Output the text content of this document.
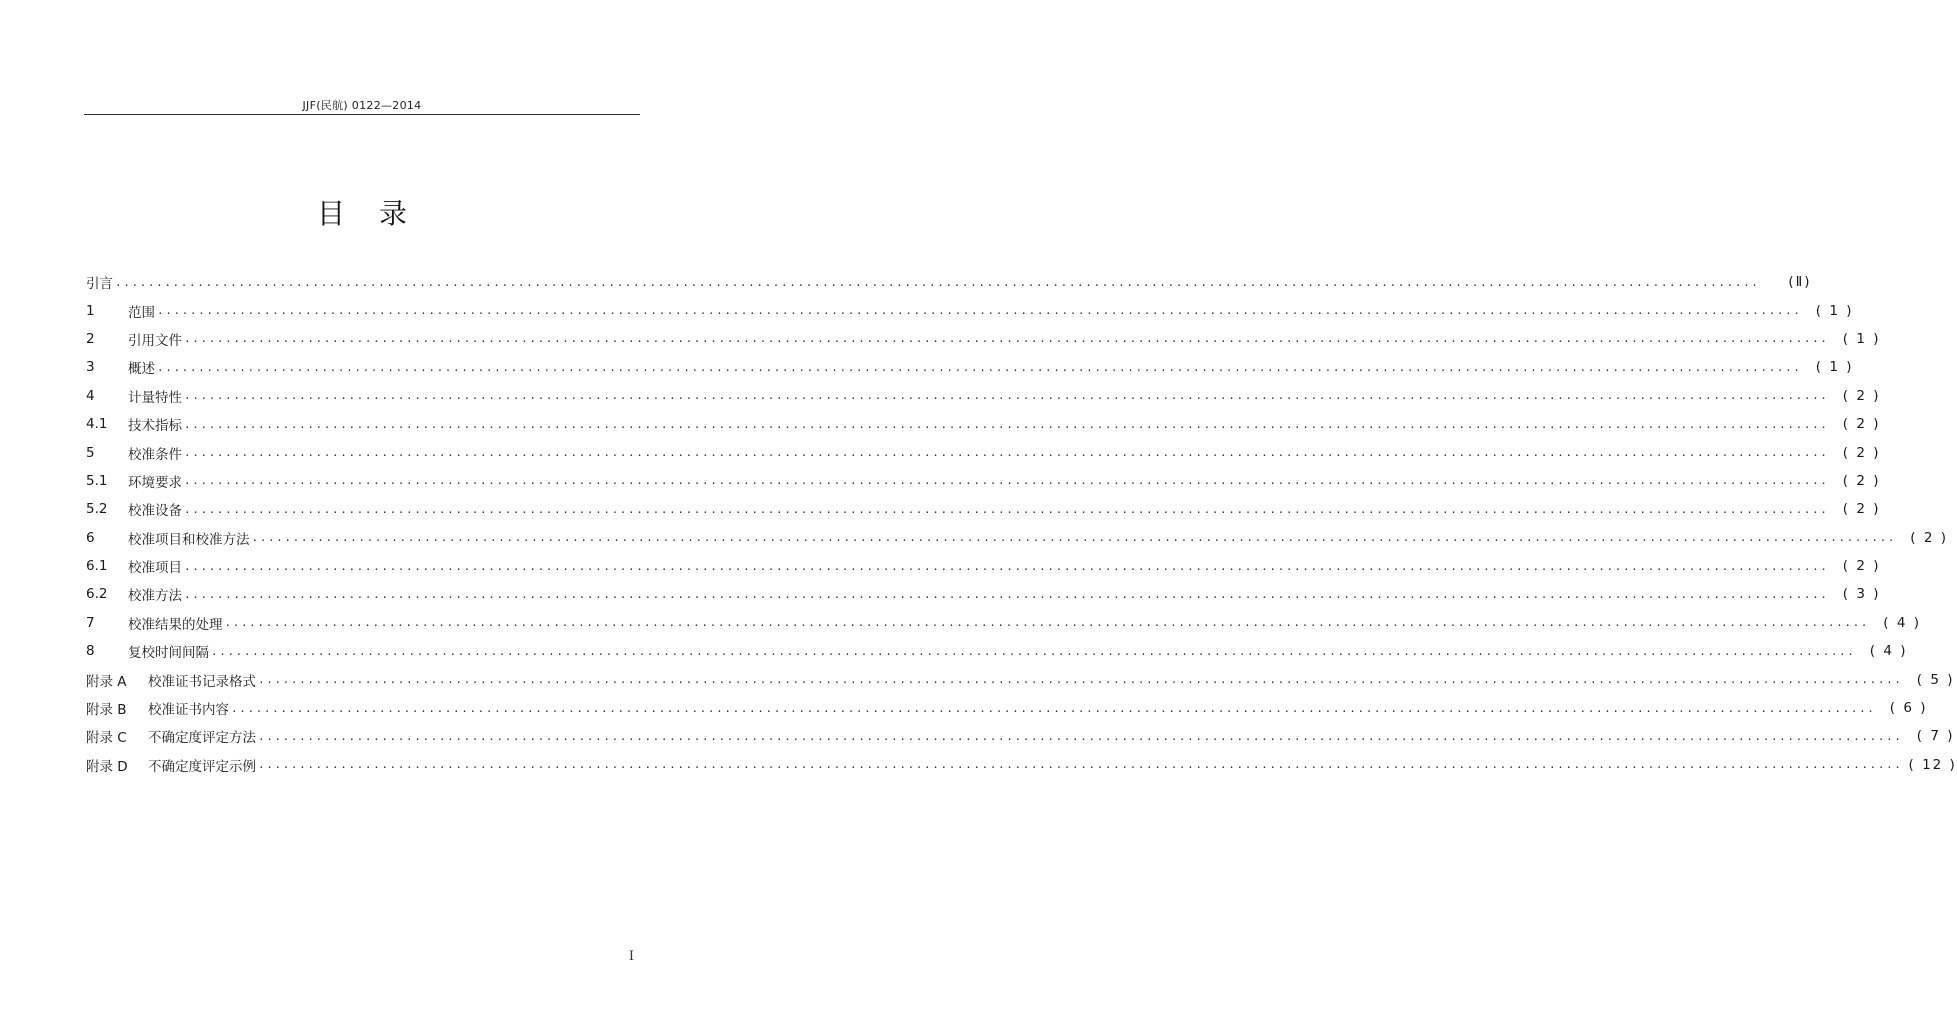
JJF(民航) 0122—2014
目录
引言 ........................................................................................................................................................................................................	(Ⅱ)
1	范围 ........................................................................................................................................................................................................	( 1 )
2	引用文件 ........................................................................................................................................................................................................	( 1 )
3	概述 ........................................................................................................................................................................................................	( 1 )
4	计量特性 ........................................................................................................................................................................................................	( 2 )
4.1	技术指标 ........................................................................................................................................................................................................	( 2 )
5	校准条件 ........................................................................................................................................................................................................	( 2 )
5.1	环境要求 ........................................................................................................................................................................................................	( 2 )
5.2	校准设备 ........................................................................................................................................................................................................	( 2 )
6	校准项目和校准方法 ........................................................................................................................................................................................................	( 2 )
6.1	校准项目 ........................................................................................................................................................................................................	( 2 )
6.2	校准方法 ........................................................................................................................................................................................................	( 3 )
7	校准结果的处理 ........................................................................................................................................................................................................	( 4 )
8	复校时间间隔 ........................................................................................................................................................................................................	( 4 )
附录 A	校准证书记录格式 ........................................................................................................................................................................................................	( 5 )
附录 B	校准证书内容 ........................................................................................................................................................................................................	( 6 )
附录 C	不确定度评定方法 ........................................................................................................................................................................................................	( 7 )
附录 D	不确定度评定示例 ........................................................................................................................................................................................................ ( 12 )
I
